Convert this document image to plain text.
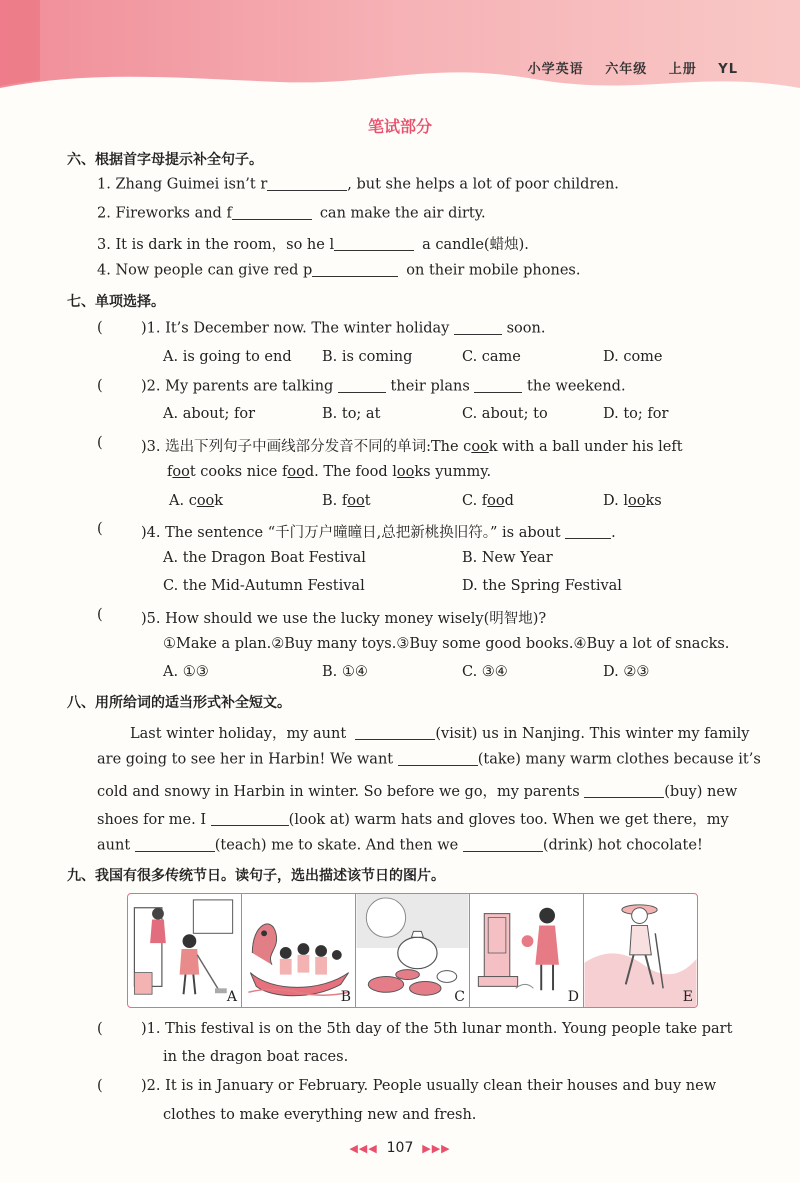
小学英语 六年级 上册 YL
笔试部分
六、根据首字母提示补全句子。
1. Zhang Guimei isn’t r	, but she helps a lot of poor children.
2. Fireworks and f	can make the air dirty.
3. It is dark in the room，so he l	a candle(蜡烛).
4. Now people can give red p	on their mobile phones.
七、单项选择。
(	)1. It’s December now. The winter holiday	soon.
A. is going to end B. is coming	C. came	D. come
(	)2. My parents are talking	their plans	the weekend.
A. about; for	B. to; at	C. about; to	D. to; for
(	)3. 选出下列句子中画线部分发音不同的单词:The cook with a ball under his left
foot cooks nice food. The food looks yummy.
A. cook	B. foot	C. food	D. looks
(	)4. The sentence “千门万户曈曈日,总把新桃换旧符。” is about	.
A. the Dragon Boat Festival	B. New Year
C. the Mid-Autumn Festival	D. the Spring Festival
(	)5. How should we use the lucky money wisely(明智地)?
①Make a plan.②Buy many toys.③Buy some good books.④Buy a lot of snacks.
A. ①③	B. ①④	C. ③④	D. ②③
八、用所给词的适当形式补全短文。
Last winter holiday，my aunt	(visit) us in Nanjing. This winter my family
are going to see her in Harbin! We want	(take) many warm clothes because it’s
cold and snowy in Harbin in winter. So before we go，my parents	(buy) new
shoes for me. I	(look at) warm hats and gloves too. When we get there，my
aunt	(teach) me to skate. And then we	(drink) hot chocolate!
九、我国有很多传统节日。读句子，选出描述该节日的图片。
A	B	C	D	E
(	)1. This festival is on the 5th day of the 5th lunar month. Young people take part
in the dragon boat races.
(	)2. It is in January or February. People usually clean their houses and buy new
clothes to make everything new and fresh.
◀◀◀ 107 ▶▶▶
